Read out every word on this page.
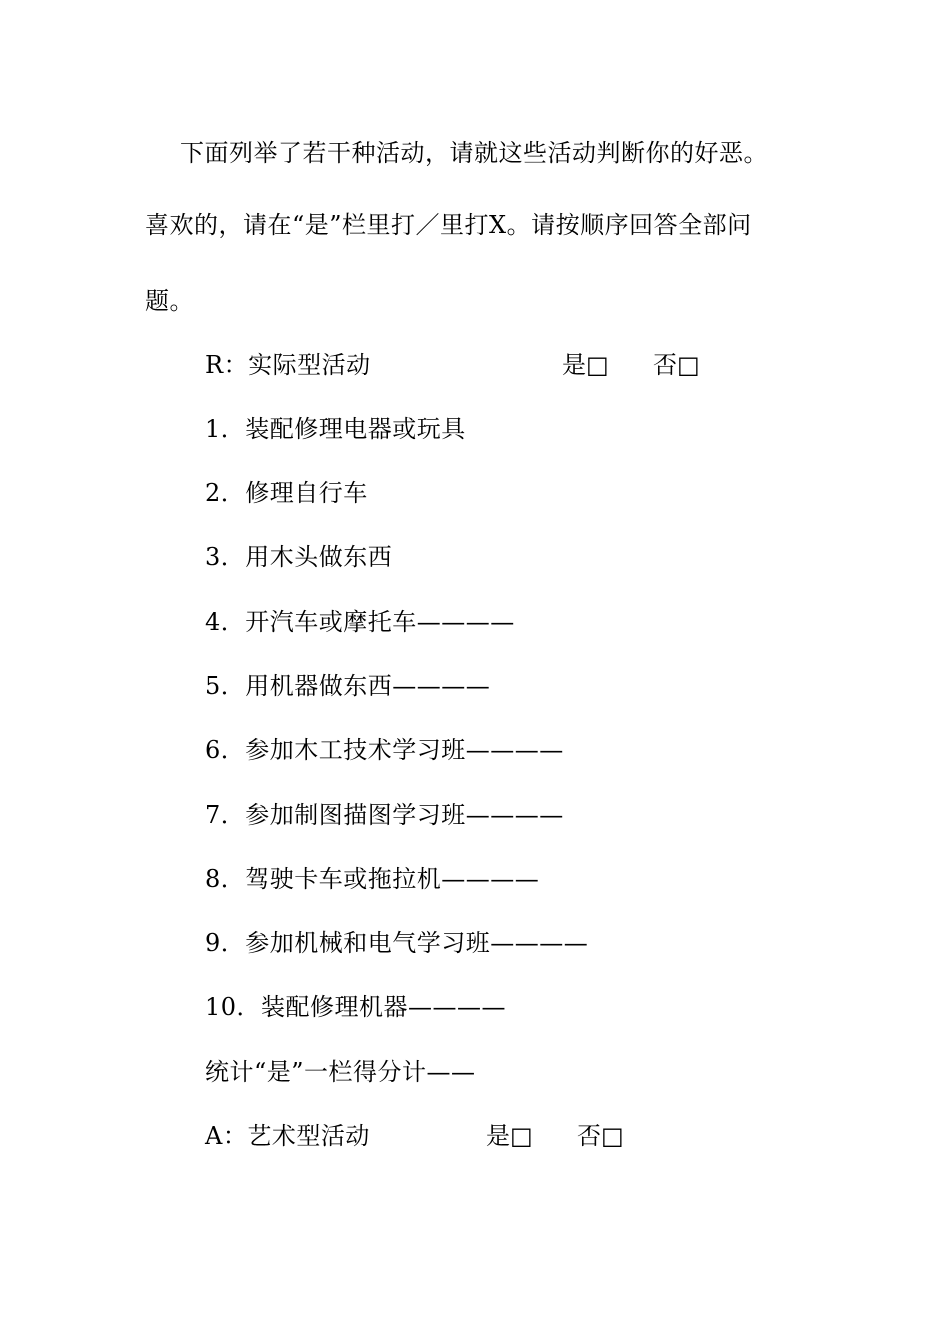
下面列举了若干种活动，请就这些活动判断你的好恶。
喜欢的，请在“是”栏里打／里打X。请按顺序回答全部问
题。
R：实际型活动	是□ 否□
1．装配修理电器或玩具
2．修理自行车
3．用木头做东西
4．开汽车或摩托车————
5．用机器做东西————
6．参加木工技术学习班————
7．参加制图描图学习班————
8．驾驶卡车或拖拉机————
9．参加机械和电气学习班————
10．装配修理机器————
统计“是”一栏得分计——
A：艺术型活动	是□ 否□
